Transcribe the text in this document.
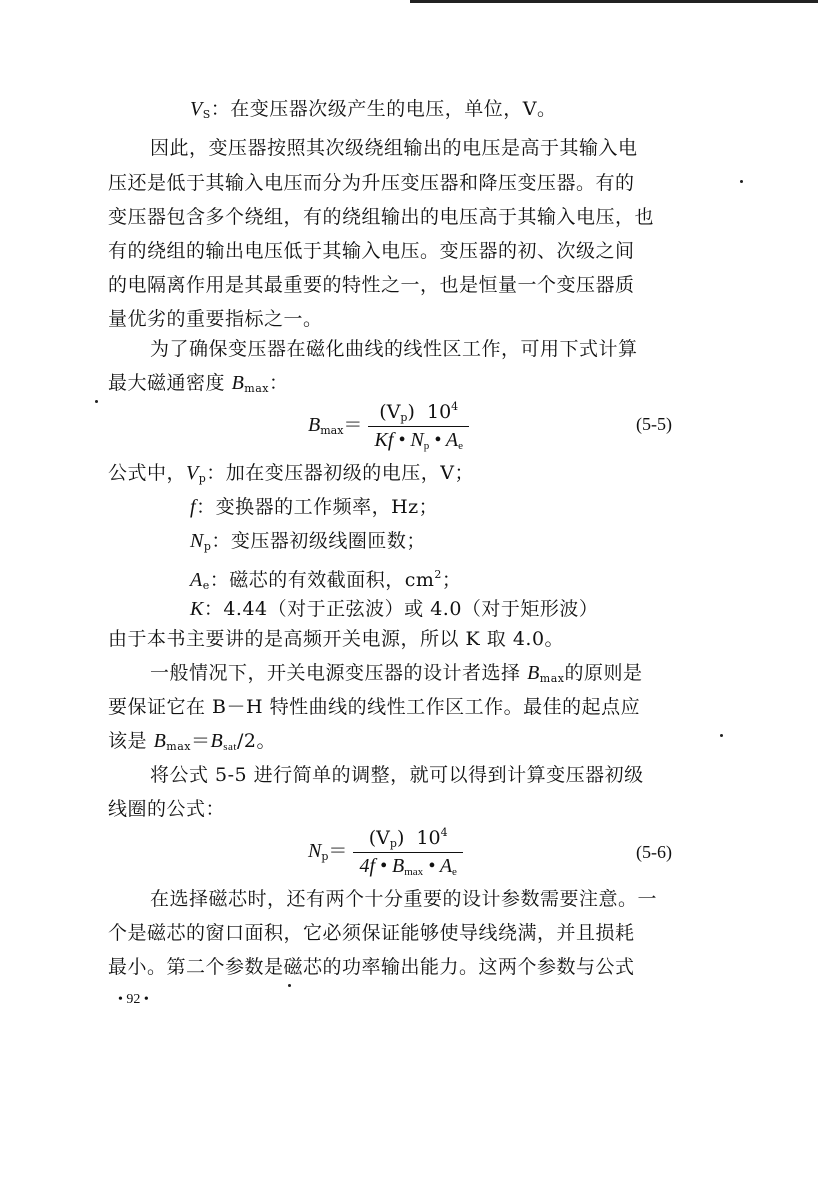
$V_S$：在变压器次级产生的电压，单位，V。
因此，变压器按照其次级绕组输出的电压是高于其输入电
压还是低于其输入电压而分为升压变压器和降压变压器。有的
变压器包含多个绕组，有的绕组输出的电压高于其输入电压，也
有的绕组的输出电压低于其输入电压。变压器的初、次级之间
的电隔离作用是其最重要的特性之一，也是恒量一个变压器质
量优劣的重要指标之一。
为了确保变压器在磁化曲线的线性区工作，可用下式计算
最大磁通密度 $B_{max}$：
$B_{max}= \frac{(V_p) 10^4}{Kf • N_p • A_e}$	(5-5)
公式中，$V_p$：加在变压器初级的电压，V；
f：变换器的工作频率，Hz；
$N_p$：变压器初级线圈匝数；
$A_e$：磁芯的有效截面积，$cm^2$；
K：4.44（对于正弦波）或 4.0（对于矩形波）
由于本书主要讲的是高频开关电源，所以 K 取 4.0。
一般情况下，开关电源变压器的设计者选择 $B_{max}$的原则是
要保证它在 B－H 特性曲线的线性工作区工作。最佳的起点应
该是 $B_{max}=B_{sat}/2$。
将公式 5-5 进行简单的调整，就可以得到计算变压器初级
线圈的公式：
$N_p= \frac{(V_p) 10^4}{4f • B_{max} • A_e}$	(5-6)
在选择磁芯时，还有两个十分重要的设计参数需要注意。一
个是磁芯的窗口面积，它必须保证能够使导线绕满，并且损耗
最小。第二个参数是磁芯的功率输出能力。这两个参数与公式
• 92 •
